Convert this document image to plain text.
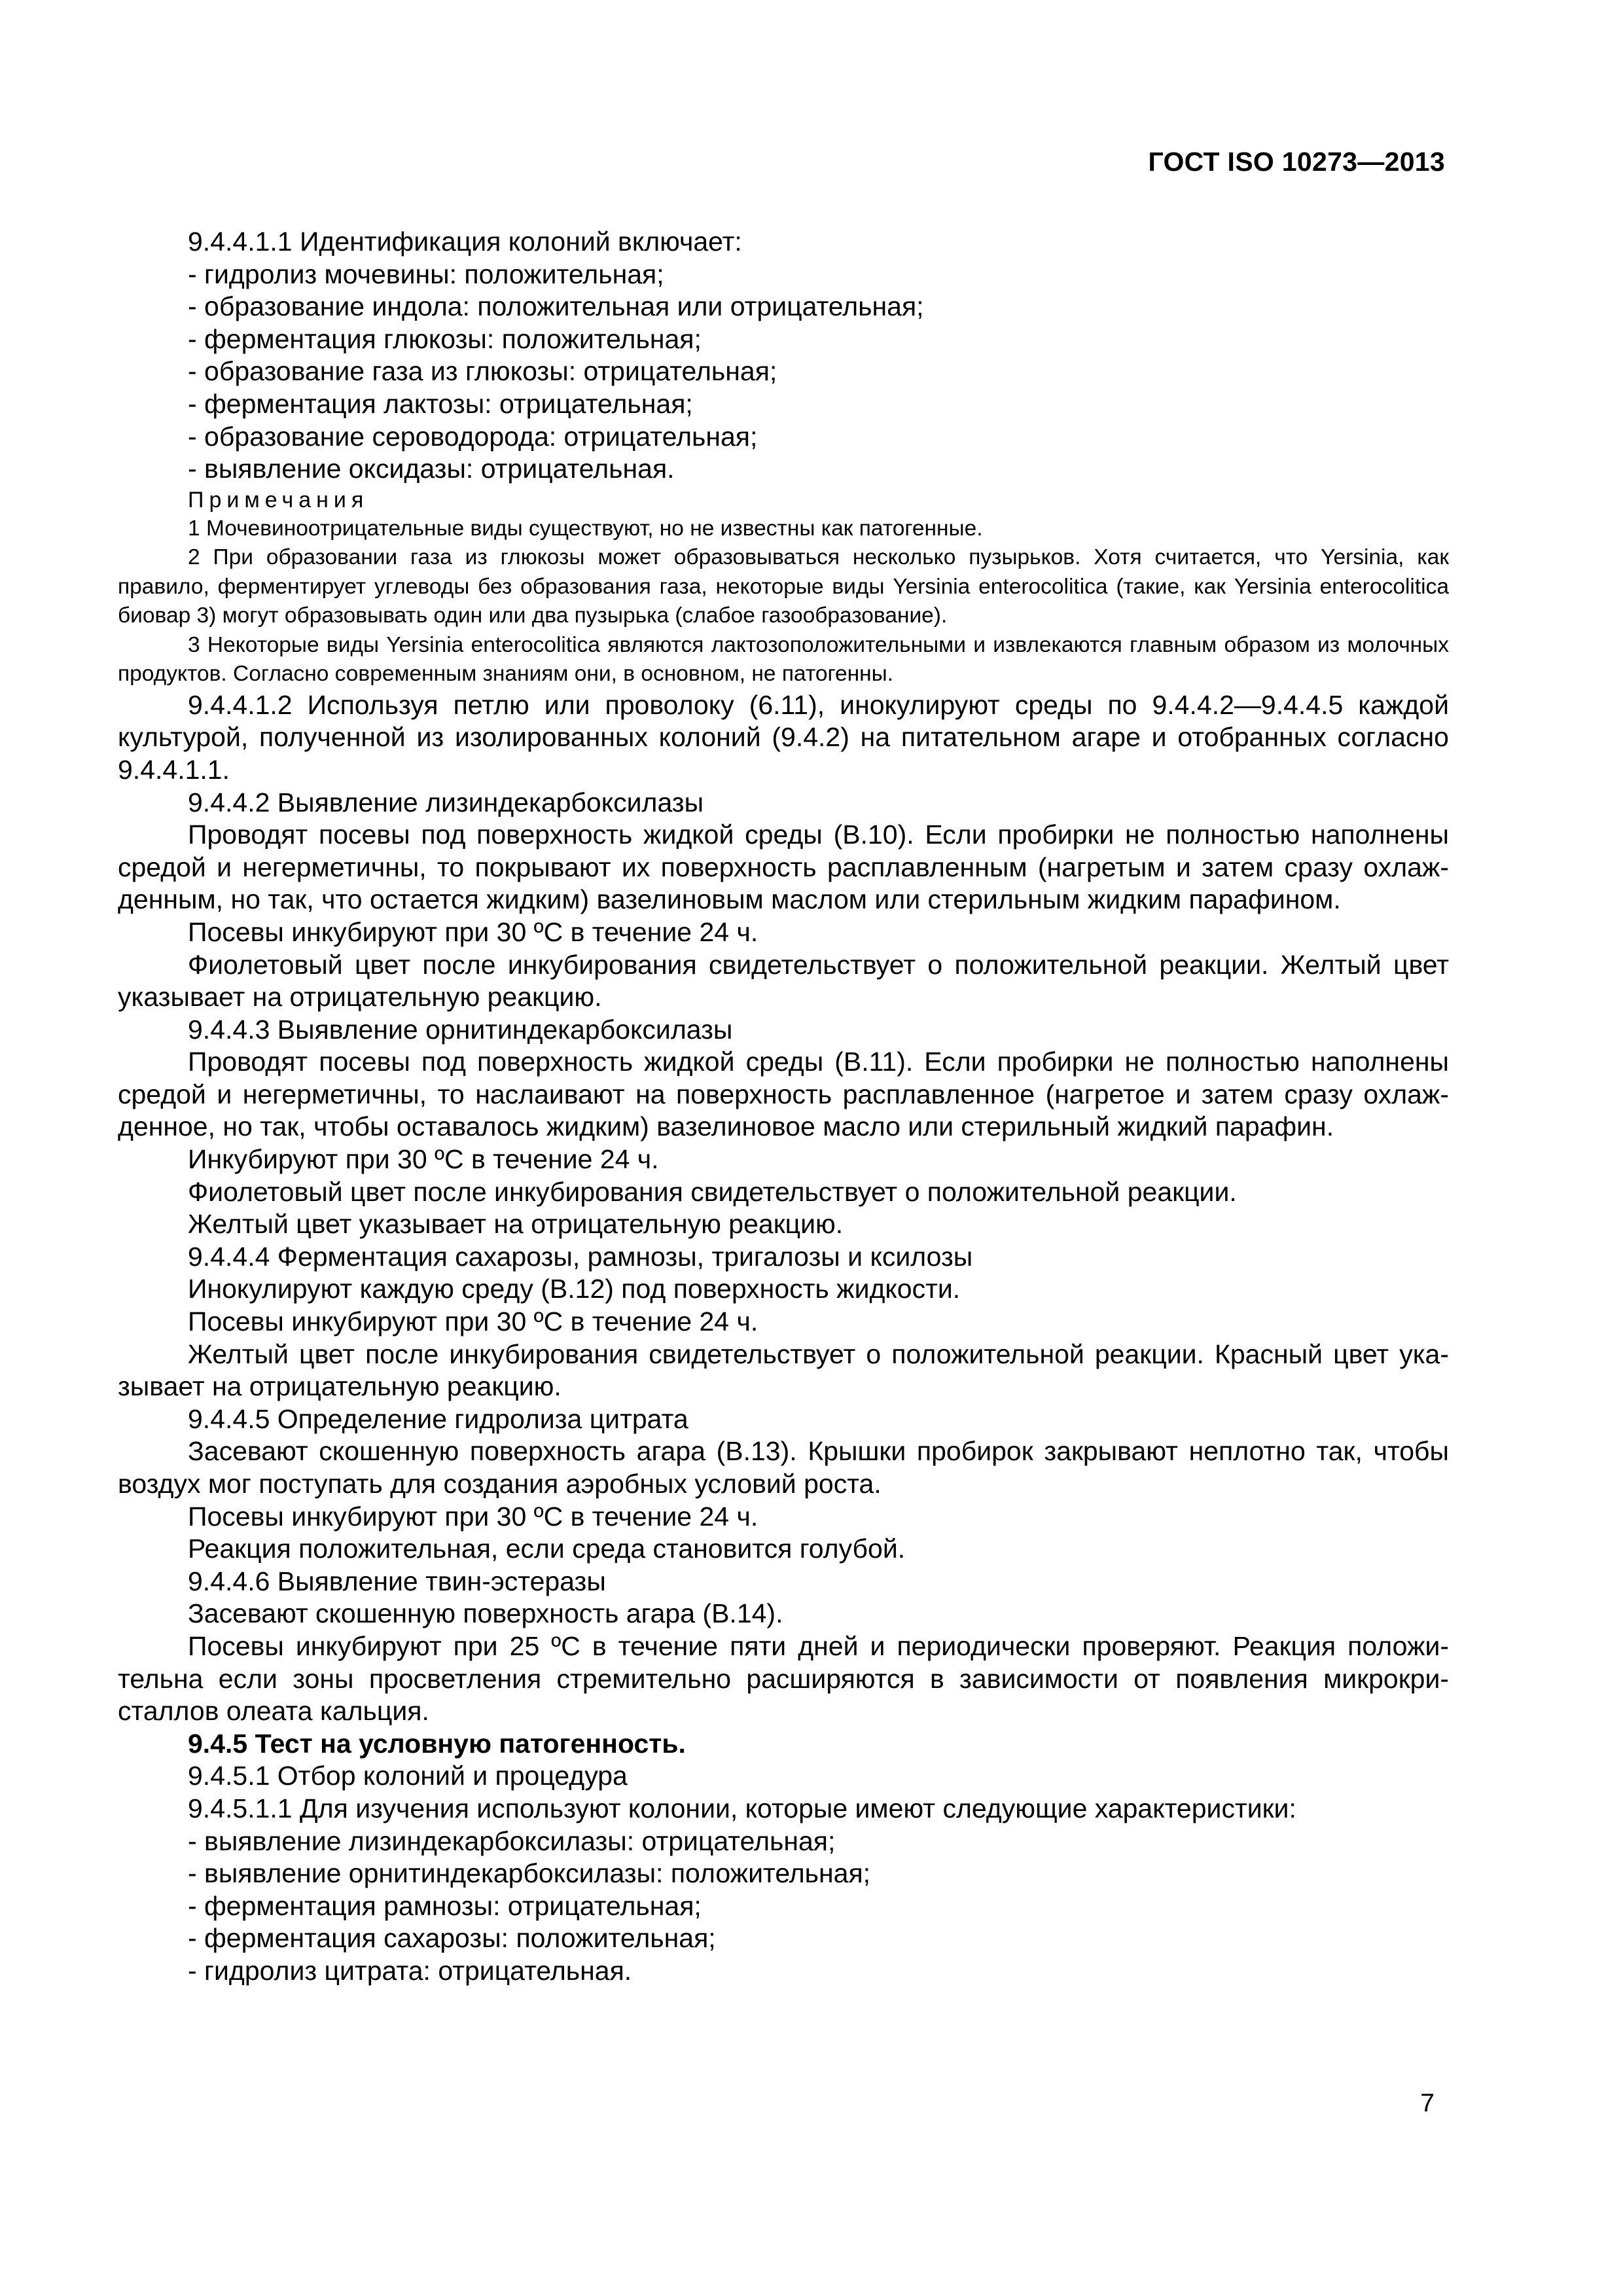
ГОСТ ISO 10273—2013

9.4.4.1.1 Идентификация колоний включает:

- гидролиз мочевины: положительная;

- образование индола: положительная или отрицательная;

- ферментация глюкозы: положительная;

- образование газа из глюкозы: отрицательная;

- ферментация лактозы: отрицательная;

- образование сероводорода: отрицательная;

- выявление оксидазы: отрицательная.

Примечания

1 Мочевиноотрицательные виды существуют, но не известны как патогенные.

2 При образовании газа из глюкозы может образовываться несколько пузырьков. Хотя считается, что Yersinia, как правило, ферментирует углеводы без образования газа, некоторые виды Yersinia enterocolitica (такие, как Yersinia enterocolitica биовар 3) могут образовывать один или два пузырька (слабое газообразование).

3 Некоторые виды Yersinia enterocolitica являются лактозоположительными и извлекаются главным образом из молочных продуктов. Согласно современным знаниям они, в основном, не патогенны.

9.4.4.1.2 Используя петлю или проволоку (6.11), инокулируют среды по 9.4.4.2—9.4.4.5 каждой культурой, полученной из изолированных колоний (9.4.2) на питательном агаре и отобранных согласно 9.4.4.1.1.

9.4.4.2 Выявление лизиндекарбоксилазы

Проводят посевы под поверхность жидкой среды (В.10). Если пробирки не полностью наполнены средой и негерметичны, то покрывают их поверхность расплавленным (нагретым и затем сразу охлаж-денным, но так, что остается жидким) вазелиновым маслом или стерильным жидким парафином.

Посевы инкубируют при 30 ºС в течение 24 ч.

Фиолетовый цвет после инкубирования свидетельствует о положительной реакции. Желтый цвет указывает на отрицательную реакцию.

9.4.4.3 Выявление орнитиндекарбоксилазы

Проводят посевы под поверхность жидкой среды (В.11). Если пробирки не полностью наполнены средой и негерметичны, то наслаивают на поверхность расплавленное (нагретое и затем сразу охлаж-денное, но так, чтобы оставалось жидким) вазелиновое масло или стерильный жидкий парафин.

Инкубируют при 30 ºС в течение 24 ч.

Фиолетовый цвет после инкубирования свидетельствует о положительной реакции.

Желтый цвет указывает на отрицательную реакцию.

9.4.4.4 Ферментация сахарозы, рамнозы, тригалозы и ксилозы

Инокулируют каждую среду (В.12) под поверхность жидкости.

Посевы инкубируют при 30 ºС в течение 24 ч.

Желтый цвет после инкубирования свидетельствует о положительной реакции. Красный цвет ука-зывает на отрицательную реакцию.

9.4.4.5 Определение гидролиза цитрата

Засевают скошенную поверхность агара (В.13). Крышки пробирок закрывают неплотно так, чтобы воздух мог поступать для создания аэробных условий роста.

Посевы инкубируют при 30 ºС в течение 24 ч.

Реакция положительная, если среда становится голубой.

9.4.4.6 Выявление твин-эстеразы

Засевают скошенную поверхность агара (В.14).

Посевы инкубируют при 25 ºС в течение пяти дней и периодически проверяют. Реакция положи-тельна если зоны просветления стремительно расширяются в зависимости от появления микрокри-сталлов олеата кальция.

9.4.5 Тест на условную патогенность.

9.4.5.1 Отбор колоний и процедура

9.4.5.1.1 Для изучения используют колонии, которые имеют следующие характеристики:

- выявление лизиндекарбоксилазы: отрицательная;

- выявление орнитиндекарбоксилазы: положительная;

- ферментация рамнозы: отрицательная;

- ферментация сахарозы: положительная;

- гидролиз цитрата: отрицательная.

7
